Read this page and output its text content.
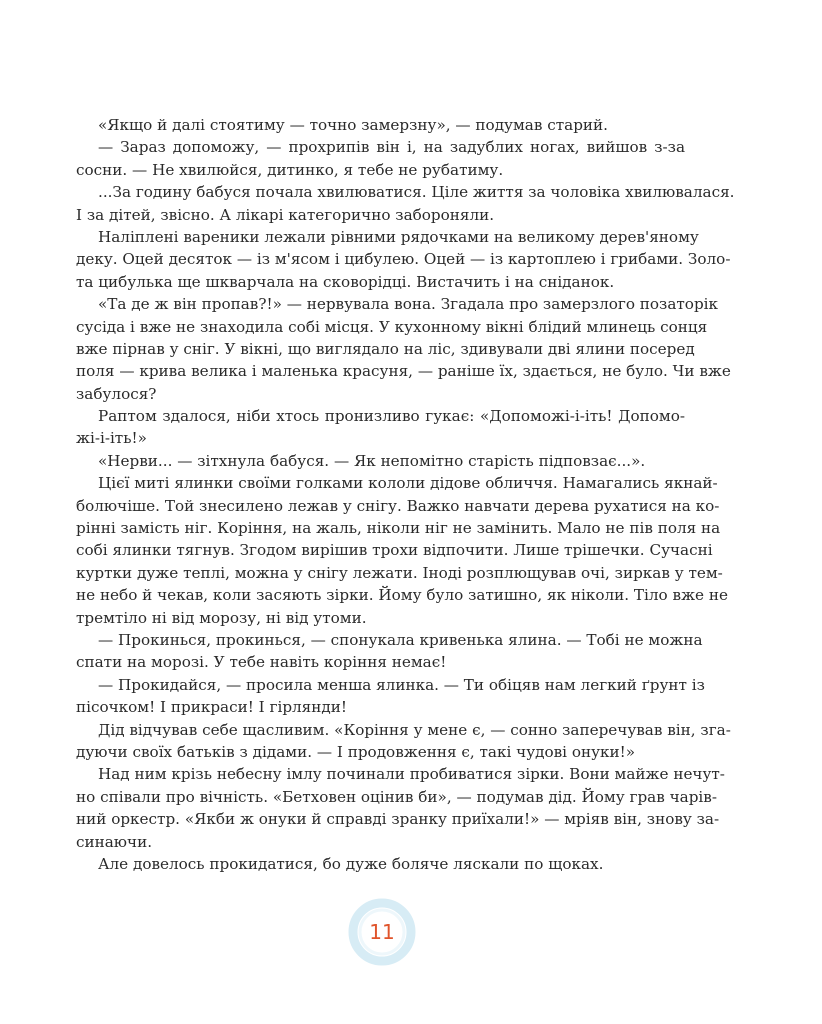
«Якщо й далі стоятиму — точно замерзну», — подумав старий.
— Зараз допоможу, — прохрипів він і, на задублих ногах, вийшов з-за
сосни. — Не хвилюйся, дитинко, я тебе не рубатиму.
...За годину бабуся почала хвилюватися. Ціле життя за чоловіка хвилювалася.
І за дітей, звісно. А лікарі категорично забороняли.
Наліплені вареники лежали рівними рядочками на великому дерев'яному
деку. Оцей десяток — із м'ясом і цибулею. Оцей — із картоплею і грибами. Золо-
та цибулька ще шкварчала на сковорідці. Вистачить і на сніданок.
«Та де ж він пропав?!» — нервувала вона. Згадала про замерзлого позаторік
сусіда і вже не знаходила собі місця. У кухонному вікні блідий млинець сонця
вже пірнав у сніг. У вікні, що виглядало на ліс, здивували дві ялини посеред
поля — крива велика і маленька красуня, — раніше їх, здається, не було. Чи вже
забулося?
Раптом здалося, ніби хтось пронизливо гукає: «Допоможі-і-іть! Допомо-
жі-і-іть!»
«Нерви... — зітхнула бабуся. — Як непомітно старість підповзає...».
Цієї миті ялинки своїми голками кололи дідове обличчя. Намагались якнай-
болючіше. Той знесилено лежав у снігу. Важко навчати дерева рухатися на ко-
рінні замість ніг. Коріння, на жаль, ніколи ніг не замінить. Мало не пів поля на
собі ялинки тягнув. Згодом вирішив трохи відпочити. Лише трішечки. Сучасні
куртки дуже теплі, можна у снігу лежати. Іноді розплющував очі, зиркав у тем-
не небо й чекав, коли засяють зірки. Йому було затишно, як ніколи. Тіло вже не
тремтіло ні від морозу, ні від утоми.
— Прокинься, прокинься, — спонукала кривенька ялина. — Тобі не можна
спати на морозі. У тебе навіть коріння немає!
— Прокидайся, — просила менша ялинка. — Ти обіцяв нам легкий ґрунт із
пісочком! І прикраси! І гірлянди!
Дід відчував себе щасливим. «Коріння у мене є, — сонно заперечував він, зга-
дуючи своїх батьків з дідами. — І продовження є, такі чудові онуки!»
Над ним крізь небесну імлу починали пробиватися зірки. Вони майже нечут-
но співали про вічність. «Бетховен оцінив би», — подумав дід. Йому грав чарів-
ний оркестр. «Якби ж онуки й справді зранку приїхали!» — мріяв він, знову за-
синаючи.
Але довелось прокидатися, бо дуже боляче ляскали по щоках.
11
